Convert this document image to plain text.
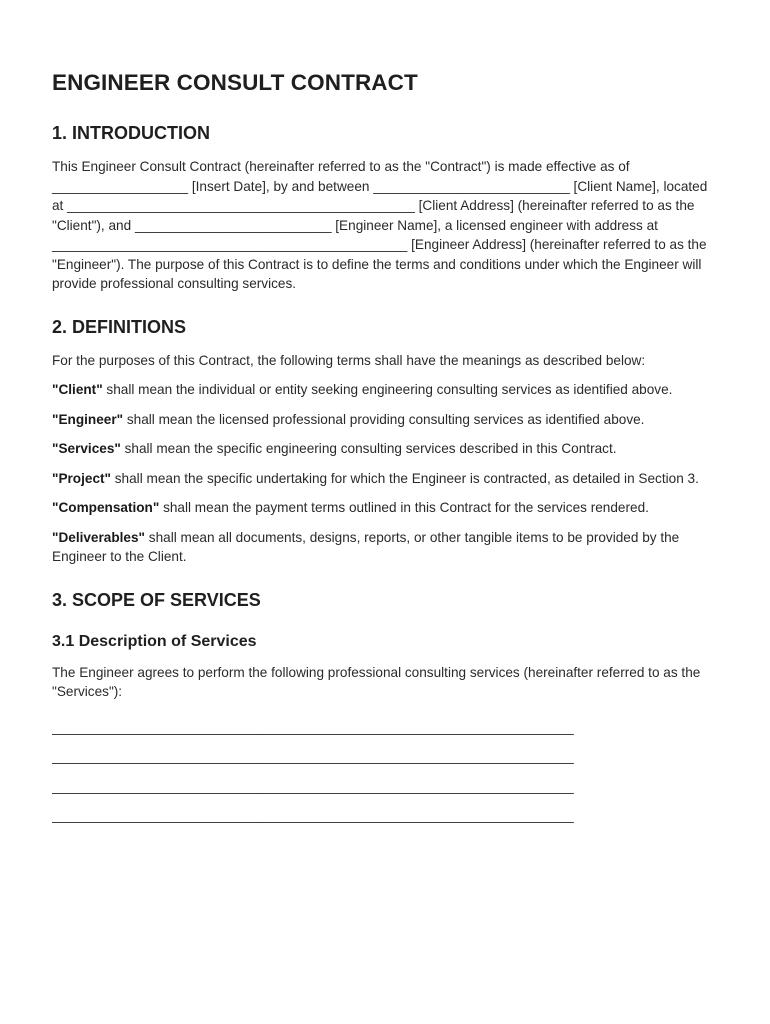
ENGINEER CONSULT CONTRACT
1. INTRODUCTION

This Engineer Consult Contract (hereinafter referred to as the "Contract") is made effective as of __________________ [Insert Date], by and between __________________________ [Client Name], located at ______________________________________________ [Client Address] (hereinafter referred to as the "Client"), and __________________________ [Engineer Name], a licensed engineer with address at _______________________________________________ [Engineer Address] (hereinafter referred to as the "Engineer"). The purpose of this Contract is to define the terms and conditions under which the Engineer will provide professional consulting services.

2. DEFINITIONS

For the purposes of this Contract, the following terms shall have the meanings as described below:

"Client" shall mean the individual or entity seeking engineering consulting services as identified above.

"Engineer" shall mean the licensed professional providing consulting services as identified above.

"Services" shall mean the specific engineering consulting services described in this Contract.

"Project" shall mean the specific undertaking for which the Engineer is contracted, as detailed in Section 3.

"Compensation" shall mean the payment terms outlined in this Contract for the services rendered.

"Deliverables" shall mean all documents, designs, reports, or other tangible items to be provided by the Engineer to the Client.

3. SCOPE OF SERVICES
3.1 Description of Services

The Engineer agrees to perform the following professional consulting services (hereinafter referred to as the "Services"):

_____________________________________________________________________
_____________________________________________________________________
_____________________________________________________________________
_____________________________________________________________________
